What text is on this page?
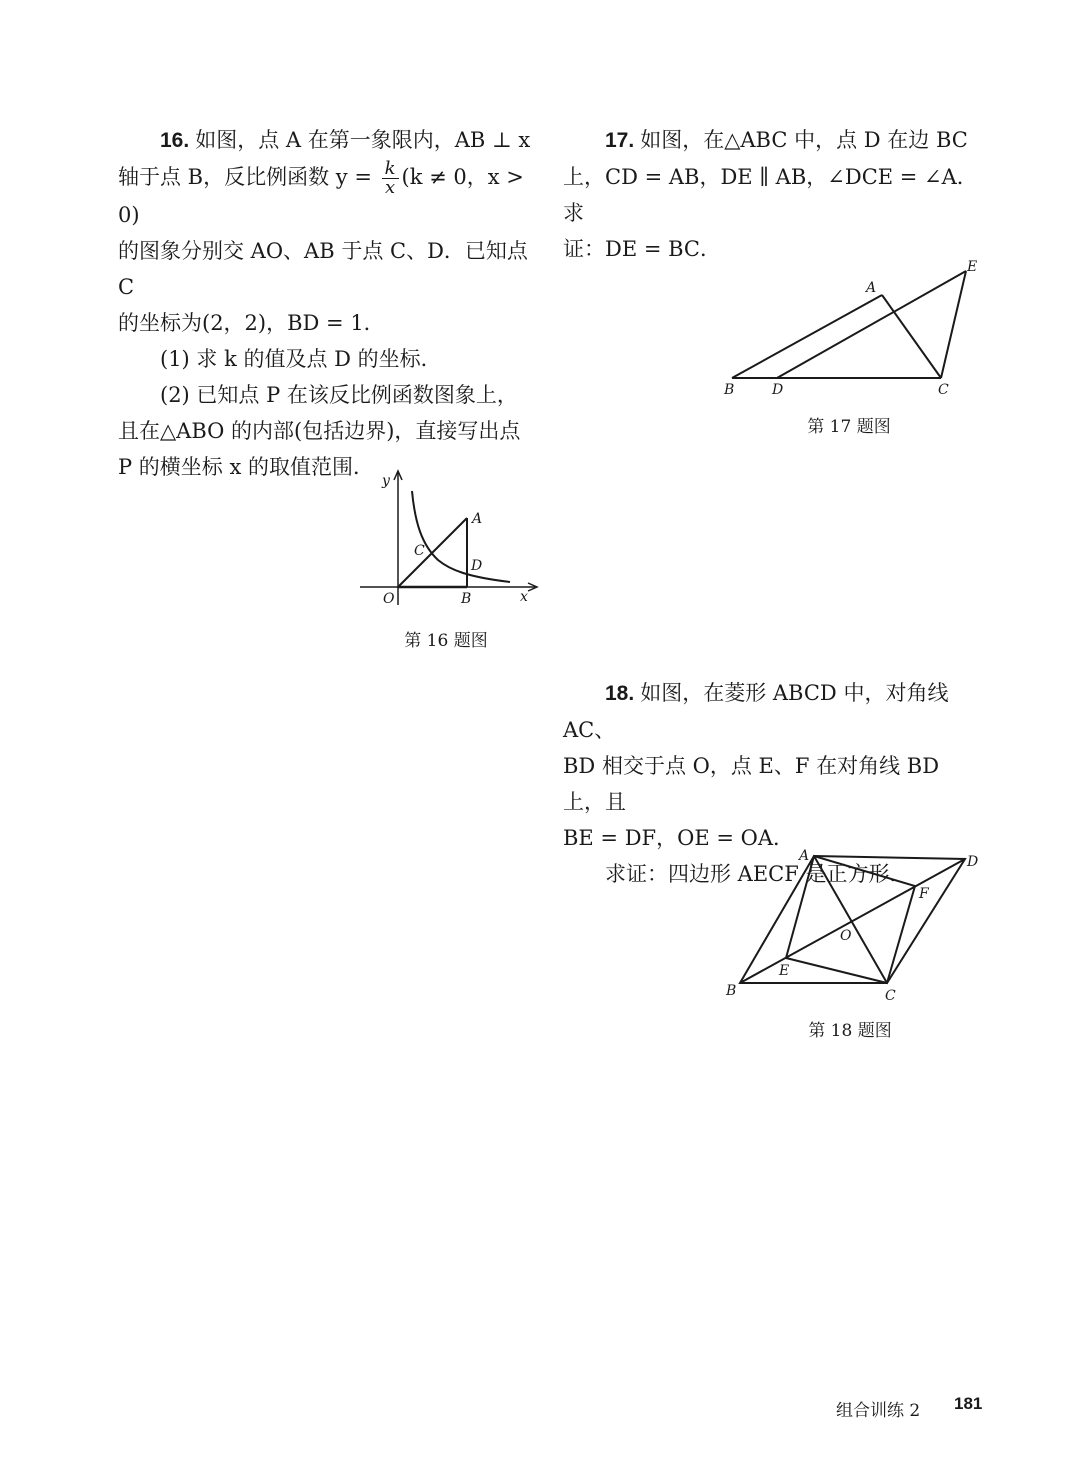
16. 如图，点 A 在第一象限内，AB ⊥ x

轴于点 B，反比例函数 $y = \frac{k}{x} (k \ne 0$，x > 0)

的图象分别交 AO、AB 于点 C、D．已知点 C

的坐标为(2，2)，BD = 1．

(1) 求 k 的值及点 D 的坐标．

(2) 已知点 P 在该反比例函数图象上，

且在△ABO 的内部(包括边界)，直接写出点

P 的横坐标 x 的取值范围．

y
x
O
A
B
C
D
第 16 题图

17. 如图，在△ABC 中，点 D 在边 BC

上，CD = AB，DE ∥ AB，∠DCE = ∠A．求

证：DE = BC．

A
B	C
D
E
第 17 题图

18. 如图，在菱形 ABCD 中，对角线 AC、

BD 相交于点 O，点 E、F 在对角线 BD 上，且

BE = DF，OE = OA．

求证：四边形 AECF 是正方形．

A
B	C
D
E
F
O
第 18 题图
组合训练 2 181
